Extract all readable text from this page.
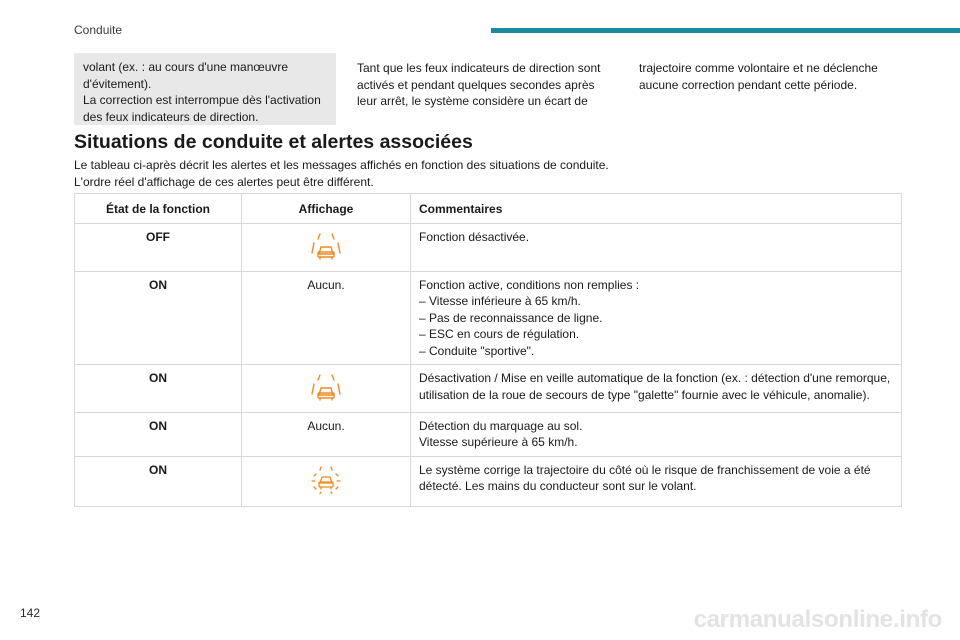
Conduite

volant (ex. : au cours d'une manœuvre d'évitement).

La correction est interrompue dès l'activation des feux indicateurs de direction.

Tant que les feux indicateurs de direction sont activés et pendant quelques secondes après leur arrêt, le système considère un écart de

trajectoire comme volontaire et ne déclenche aucune correction pendant cette période.

Situations de conduite et alertes associées

Le tableau ci-après décrit les alertes et les messages affichés en fonction des situations de conduite.

L'ordre réel d'affichage de ces alertes peut être différent.

État de la fonction	Affichage	Commentaires
OFF		Fonction désactivée.

ON	Aucun.	Fonction active, conditions non remplies :

– Vitesse inférieure à 65 km/h.

– Pas de reconnaissance de ligne.

– ESC en cours de régulation.

– Conduite "sportive".

ON		Désactivation / Mise en veille automatique de la fonction (ex. : détection d'une remorque, utilisation de la roue de secours de type "galette" fournie avec le véhicule, anomalie).

ON	Aucun.	Détection du marquage au sol.

Vitesse supérieure à 65 km/h.

ON		Le système corrige la trajectoire du côté où le risque de franchissement de voie a été détecté. Les mains du conducteur sont sur le volant.

142	carmanualsonline.info
